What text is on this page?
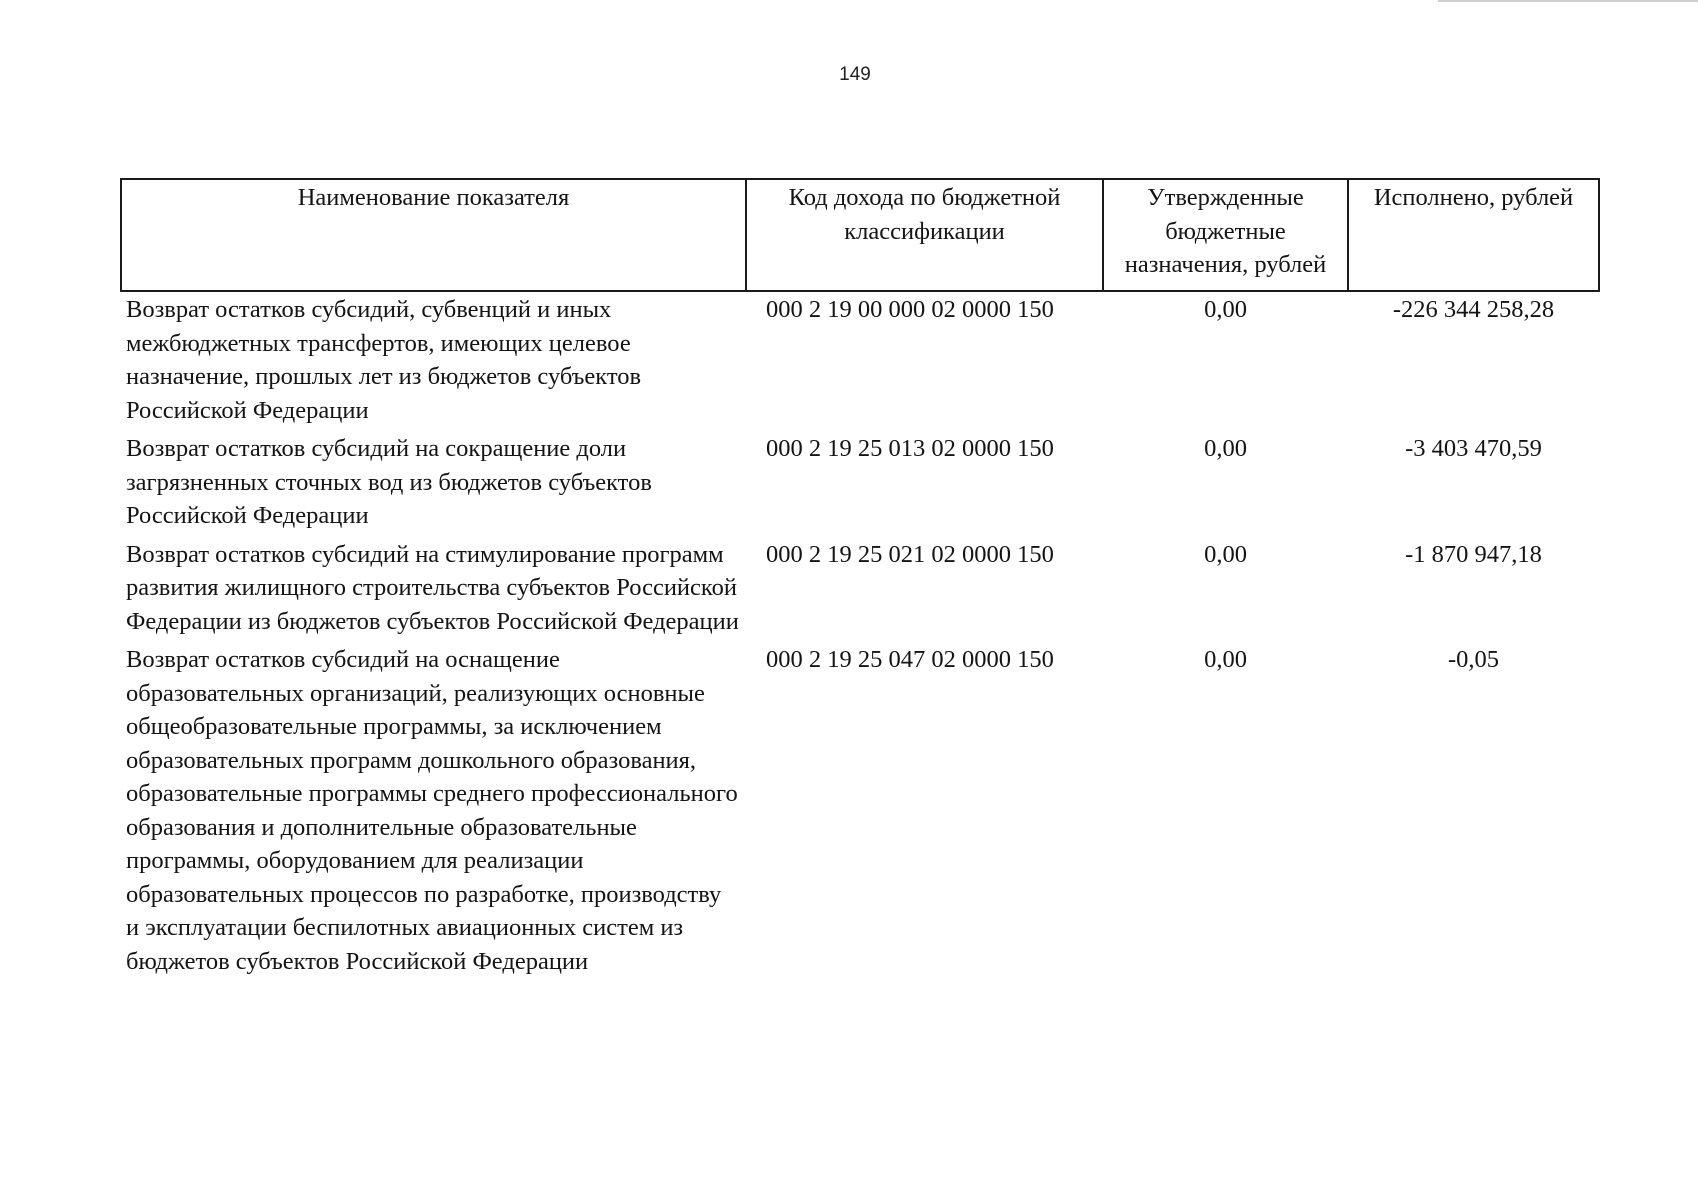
149
Наименование показателя	Код дохода по бюджетной классификации	Утвержденные бюджетные назначения, рублей	Исполнено, рублей
Возврат остатков субсидий, субвенций и иных межбюджетных трансфертов, имеющих целевое назначение, прошлых лет из бюджетов субъектов Российской Федерации	000 2 19 00 000 02 0000 150	0,00	-226 344 258,28
Возврат остатков субсидий на сокращение доли загрязненных сточных вод из бюджетов субъектов Российской Федерации	000 2 19 25 013 02 0000 150	0,00	-3 403 470,59
Возврат остатков субсидий на стимулирование программ развития жилищного строительства субъектов Российской Федерации из бюджетов субъектов Российской Федерации	000 2 19 25 021 02 0000 150	0,00	-1 870 947,18
Возврат остатков субсидий на оснащение образовательных организаций, реализующих основные общеобразовательные программы, за исключением образовательных программ дошкольного образования, образовательные программы среднего профессионального образования и дополнительные образовательные программы, оборудованием для реализации образовательных процессов по разработке, производству и эксплуатации беспилотных авиационных систем из бюджетов субъектов Российской Федерации	000 2 19 25 047 02 0000 150	0,00	-0,05
